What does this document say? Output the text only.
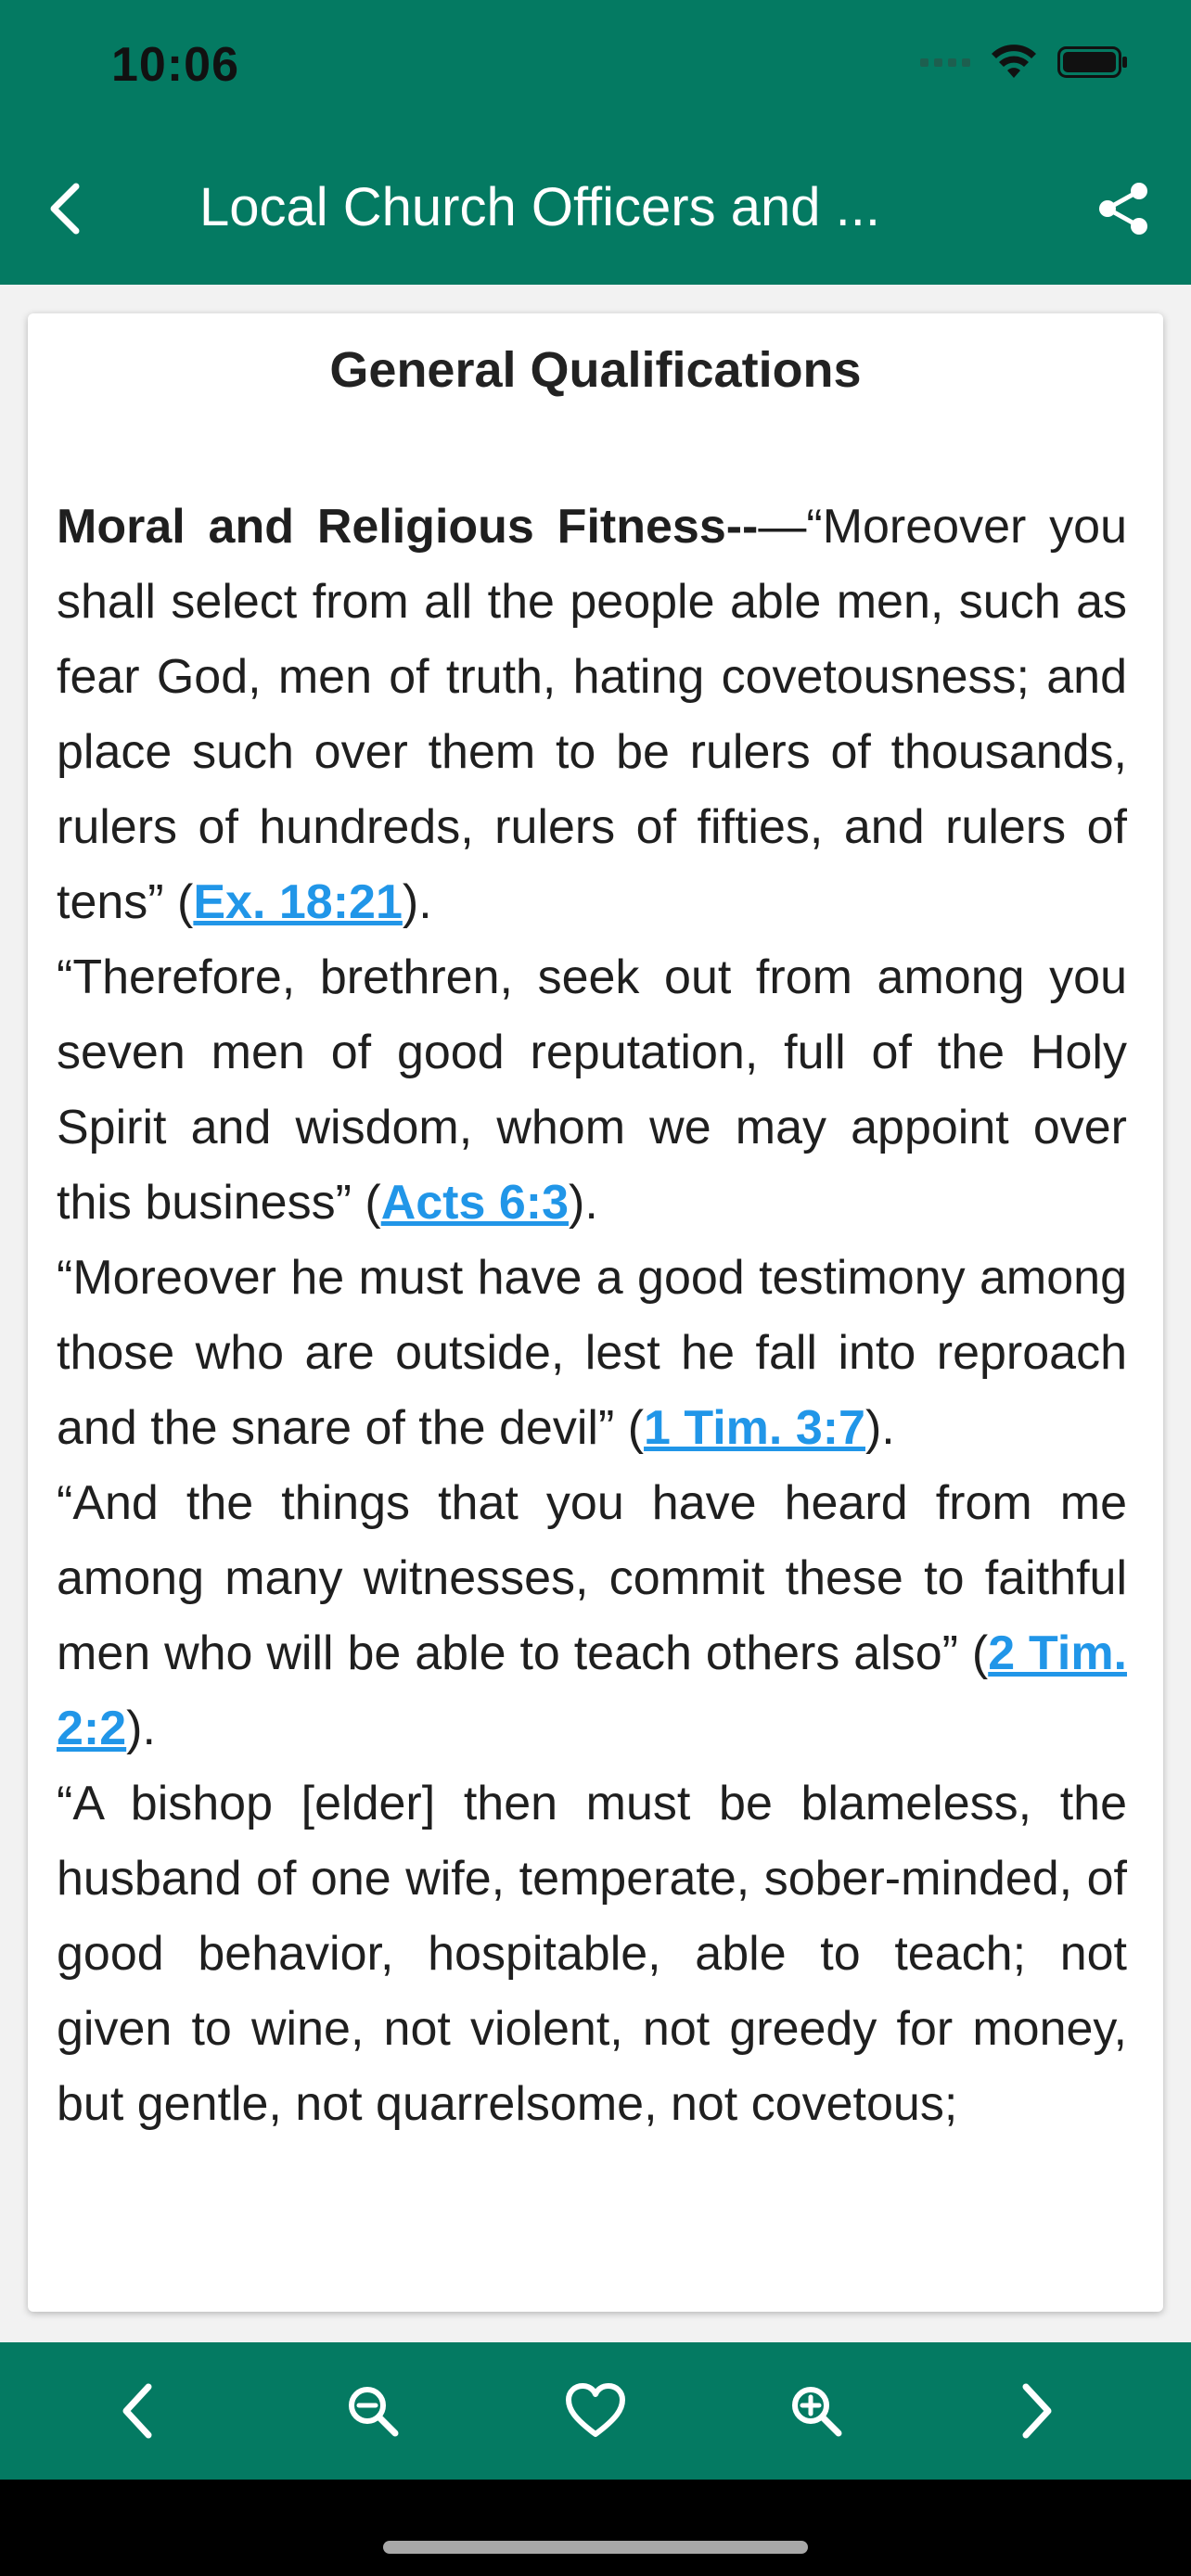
10:06
Local Church Officers and ...
General Qualifications

Moral and Religious Fitness--—“Moreover you shall select from all the people able men, such as fear God, men of truth, hating covetousness; and place such over them to be rulers of thousands, rulers of hundreds, rulers of fifties, and rulers of tens” (Ex. 18:21).

“Therefore, brethren, seek out from among you seven men of good reputation, full of the Holy Spirit and wisdom, whom we may appoint over this business” (Acts 6:3).

“Moreover he must have a good testimony among those who are outside, lest he fall into reproach and the snare of the devil” (1 Tim. 3:7).

“And the things that you have heard from me among many witnesses, commit these to faithful men who will be able to teach others also” (2 Tim. 2:2).

“A bishop [elder] then must be blameless, the husband of one wife, temperate, sober-minded, of good behavior, hospitable, able to teach; not given to wine, not violent, not greedy for money, but gentle, not quarrelsome, not covetous;
